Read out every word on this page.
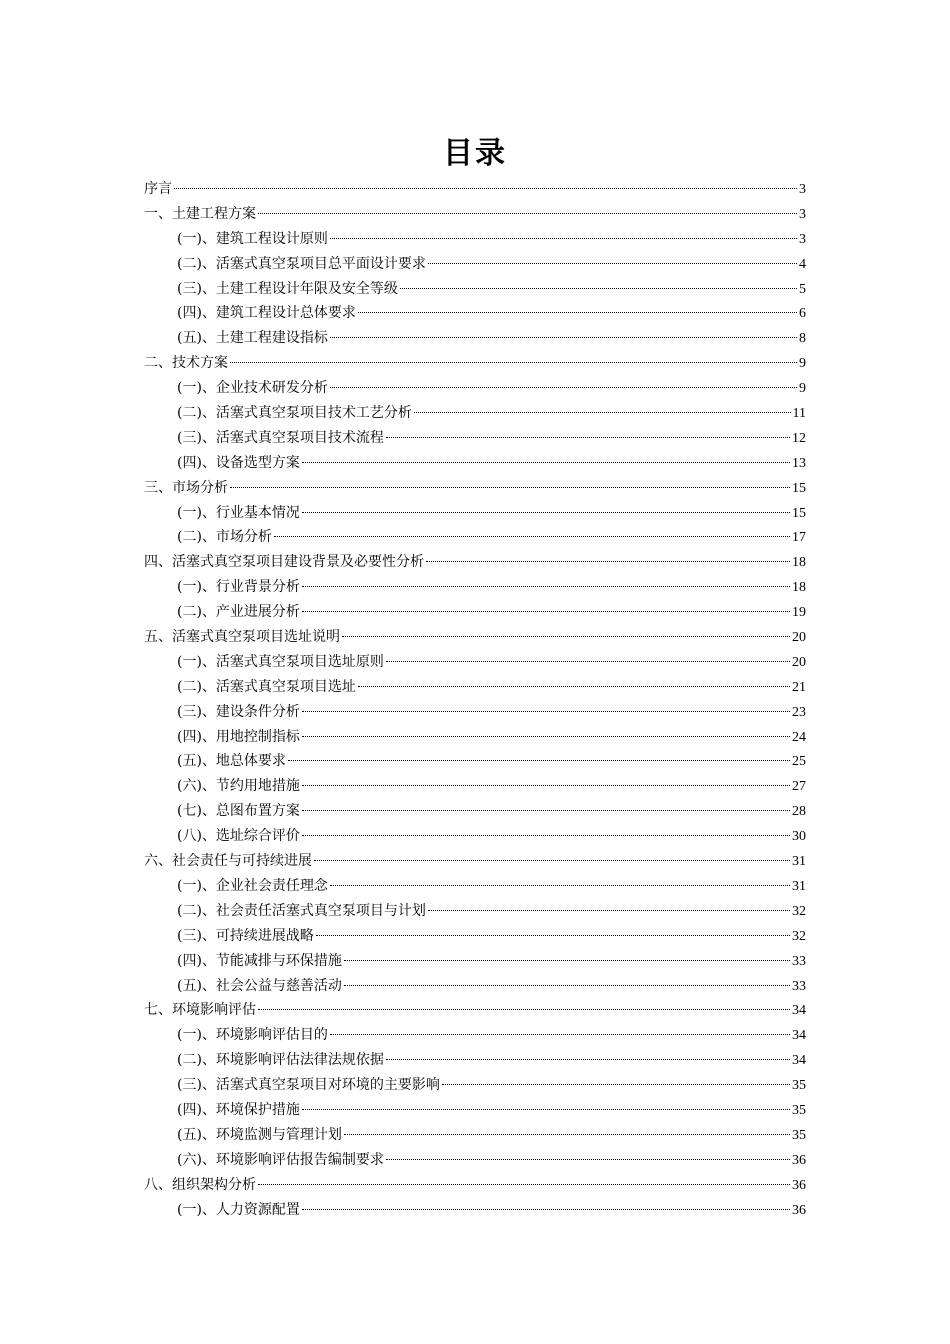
目录
序言	3
一、土建工程方案	3
(一)、建筑工程设计原则	3
(二)、活塞式真空泵项目总平面设计要求	4
(三)、土建工程设计年限及安全等级	5
(四)、建筑工程设计总体要求	6
(五)、土建工程建设指标	8
二、技术方案	9
(一)、企业技术研发分析	9
(二)、活塞式真空泵项目技术工艺分析	11
(三)、活塞式真空泵项目技术流程	12
(四)、设备选型方案	13
三、市场分析	15
(一)、行业基本情况	15
(二)、市场分析	17
四、活塞式真空泵项目建设背景及必要性分析	18
(一)、行业背景分析	18
(二)、产业进展分析	19
五、活塞式真空泵项目选址说明	20
(一)、活塞式真空泵项目选址原则	20
(二)、活塞式真空泵项目选址	21
(三)、建设条件分析	23
(四)、用地控制指标	24
(五)、地总体要求	25
(六)、节约用地措施	27
(七)、总图布置方案	28
(八)、选址综合评价	30
六、社会责任与可持续进展	31
(一)、企业社会责任理念	31
(二)、社会责任活塞式真空泵项目与计划	32
(三)、可持续进展战略	32
(四)、节能减排与环保措施	33
(五)、社会公益与慈善活动	33
七、环境影响评估	34
(一)、环境影响评估目的	34
(二)、环境影响评估法律法规依据	34
(三)、活塞式真空泵项目对环境的主要影响	35
(四)、环境保护措施	35
(五)、环境监测与管理计划	35
(六)、环境影响评估报告编制要求	36
八、组织架构分析	36
(一)、人力资源配置	36
